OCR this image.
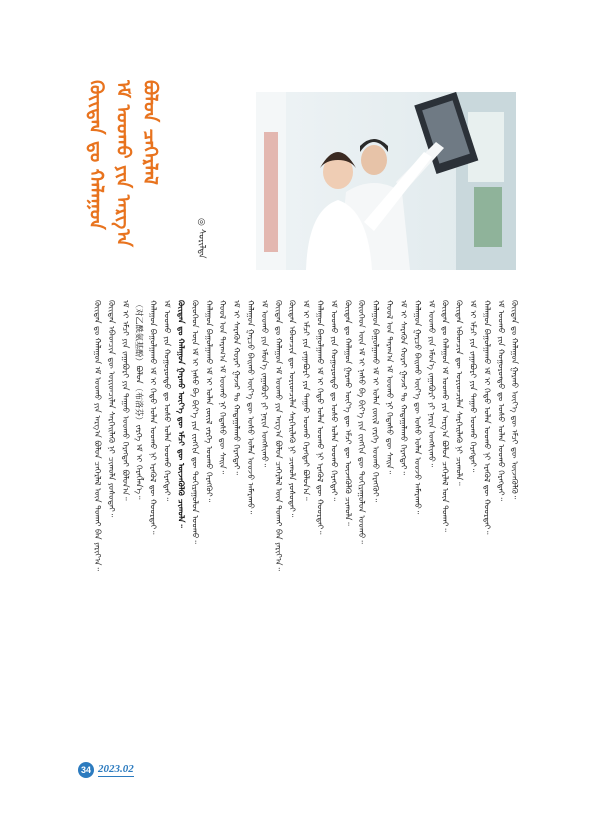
ᠬᠦᠢᠲᠡᠨ ᠳᠤ ᠬᠠᠯᠠᠭᠤᠨ ᠡᠮ ᠤᠤᠬᠤ ᠶᠢᠨ ᠠᠷᠭ᠎ᠠ ᠪᠣᠯᠣᠨ ᠴᠡᠭᠡᠷᠯᠡᠯ
◎ ᠰᠣᠷᠢᠯᠲᠠ
ᠬᠦᠢᠲᠡᠨ ᠳᠤ ᠬᠠᠯᠠᠭᠤᠨ ᠡᠮ ᠤᠤᠬᠤ ᠶᠢᠨ ᠠᠷᠭ᠎ᠠ ᠪᠣᠯᠣᠨ ᠴᠡᠭᠡᠷᠯᠡᠯ ᠦᠨ ᠲᠤᠬᠠᠢ ᠪᠠᠨ ᠶᠠᠷᠢᠶ᠎ᠠ᠃ ᠬᠦᠢᠲᠡᠨ ᠡᠪᠡᠳᠴᠢᠨ ᠳᠦ ᠤᠷᠢᠳᠴᠢᠯᠠᠨ ᠰᠡᠷᠭᠡᠢᠯᠡᠬᠦ ᠨᠢ ᠴᠢᠬᠤᠯᠠ ᠶᠣᠰᠣᠲᠠᠢ᠃ ᠡᠮ ᠢ ᠡᠮᠴᠢ ᠶᠢᠨ ᠵᠠᠭᠠᠪᠤᠷᠢ ᠶᠢᠨ ᠳᠠᠭᠠᠤ ᠤᠤᠬᠤ ᠬᠡᠷᠡᠭᠲᠡᠢ ᠪᠣᠯᠤᠨ᠎ᠠ᠃ （对乙酰氨基酚）ᠪᠣᠯᠤᠨ（布洛芬）ᠵᠡᠷᠭᠡ ᠡᠮ ᠢ ᠬᠡᠷᠡᠭᠯᠡᠨ᠎ᠡ᠃ ᠬᠠᠯᠠᠭᠤᠨ ᠪᠠᠭᠤᠯᠭᠠᠬᠤ ᠡᠮ ᠢ ᠬᠡᠲᠦ ᠣᠯᠠᠨ ᠤᠤᠬᠤ ᠨᠢ ᠡᠷᠡᠭᠦᠯ ᠳᠦ ᠬᠣᠣᠷᠲᠠᠢ᠃ ᠡᠮ ᠤᠤᠬᠤ ᠶᠢᠨ ᠬᠣᠭᠣᠷᠣᠨᠳᠣ ᠳᠤ ᠤᠰᠤ ᠣᠯᠠᠨ ᠤᠤᠬᠤ ᠬᠡᠷᠡᠭᠲᠡᠢ᠃ ᠬᠦᠢᠲᠡᠨ ᠳᠤ ᠬᠠᠯᠠᠭᠤᠨ ᠭᠠᠷᠬᠤ ᠦᠶ᠎ᠡ ᠳᠦ ᠡᠮᠴᠢ ᠳᠦ ᠦᠵᠡᠭᠦᠯᠬᠦ ᠴᠢᠬᠤᠯᠠ᠃ ᠬᠦᠦᠬᠡᠳ ᠦᠨ ᠡᠮ ᠢ ᠨᠠᠰᠤ ᠪᠠ ᠪᠢᠶ᠎ᠡ ᠶᠢᠨ ᠵᠢᠩᠬᠢᠨ ᠳᠦ ᠲᠣᠬᠢᠷᠠᠭᠤᠯᠤᠨ ᠤᠤᠬᠤ᠃ ᠬᠠᠯᠠᠭᠤᠨ ᠪᠠᠭᠤᠯᠭᠠᠬᠤ ᠡᠮ ᠢ ᠣᠯᠠᠨ ᠵᠦᠢᠯ ᠵᠡᠷᠭᠡ ᠤᠤᠬᠤ ᠬᠡᠷᠡᠭᠭᠦᠢ᠃ ᠬᠣᠣᠯ ᠤᠨ ᠳᠠᠷᠠᠭ᠎ᠠ ᠡᠮ ᠤᠤᠬᠤ ᠨᠢ ᠭᠡᠳᠡᠰᠦ ᠳᠦ ᠰᠠᠢᠨ᠃ ᠡᠮ ᠢ ᠰᠡᠷᠡᠭᠦᠨ ᠬᠤᠷᠠᠢ ᠭᠠᠵᠠᠷ ᠲᠤ ᠬᠠᠳᠠᠭᠠᠯᠠᠬᠤ ᠬᠡᠷᠡᠭᠲᠡᠢ᠃ ᠬᠠᠯᠠᠭᠤᠨ ᠭᠠᠷᠴᠤ ᠪᠠᠢᠬᠤ ᠦᠶ᠎ᠡ ᠳᠦ ᠤᠰᠤ ᠣᠯᠠᠨ ᠤᠤᠵᠤ ᠠᠮᠠᠷᠠᠬᠤ᠃ ᠡᠮ ᠤᠤᠬᠤ ᠶᠢᠨ ᠡᠮᠦᠨ᠎ᠡ ᠵᠠᠭᠠᠪᠤᠷᠢ ᠶᠢ ᠨᠠᠷᠢᠨ ᠤᠩᠰᠢᠬᠤ᠃ ᠬᠦᠢᠲᠡᠨ ᠳᠤ ᠬᠠᠯᠠᠭᠤᠨ ᠡᠮ ᠤᠤᠬᠤ ᠶᠢᠨ ᠠᠷᠭ᠎ᠠ ᠪᠣᠯᠣᠨ ᠴᠡᠭᠡᠷᠯᠡᠯ ᠦᠨ ᠲᠤᠬᠠᠢ ᠪᠠᠨ ᠶᠠᠷᠢᠶ᠎ᠠ᠃ ᠬᠦᠢᠲᠡᠨ ᠡᠪᠡᠳᠴᠢᠨ ᠳᠦ ᠤᠷᠢᠳᠴᠢᠯᠠᠨ ᠰᠡᠷᠭᠡᠢᠯᠡᠬᠦ ᠨᠢ ᠴᠢᠬᠤᠯᠠ ᠶᠣᠰᠣᠲᠠᠢ᠃ ᠡᠮ ᠢ ᠡᠮᠴᠢ ᠶᠢᠨ ᠵᠠᠭᠠᠪᠤᠷᠢ ᠶᠢᠨ ᠳᠠᠭᠠᠤ ᠤᠤᠬᠤ ᠬᠡᠷᠡᠭᠲᠡᠢ ᠪᠣᠯᠤᠨ᠎ᠠ᠃ ᠬᠠᠯᠠᠭᠤᠨ ᠪᠠᠭᠤᠯᠭᠠᠬᠤ ᠡᠮ ᠢ ᠬᠡᠲᠦ ᠣᠯᠠᠨ ᠤᠤᠬᠤ ᠨᠢ ᠡᠷᠡᠭᠦᠯ ᠳᠦ ᠬᠣᠣᠷᠲᠠᠢ᠃ ᠡᠮ ᠤᠤᠬᠤ ᠶᠢᠨ ᠬᠣᠭᠣᠷᠣᠨᠳᠣ ᠳᠤ ᠤᠰᠤ ᠣᠯᠠᠨ ᠤᠤᠬᠤ ᠬᠡᠷᠡᠭᠲᠡᠢ᠃ ᠬᠦᠢᠲᠡᠨ ᠳᠤ ᠬᠠᠯᠠᠭᠤᠨ ᠭᠠᠷᠬᠤ ᠦᠶ᠎ᠡ ᠳᠦ ᠡᠮᠴᠢ ᠳᠦ ᠦᠵᠡᠭᠦᠯᠬᠦ ᠴᠢᠬᠤᠯᠠ᠃ ᠬᠦᠦᠬᠡᠳ ᠦᠨ ᠡᠮ ᠢ ᠨᠠᠰᠤ ᠪᠠ ᠪᠢᠶ᠎ᠡ ᠶᠢᠨ ᠵᠢᠩᠬᠢᠨ ᠳᠦ ᠲᠣᠬᠢᠷᠠᠭᠤᠯᠤᠨ ᠤᠤᠬᠤ᠃ ᠬᠠᠯᠠᠭᠤᠨ ᠪᠠᠭᠤᠯᠭᠠᠬᠤ ᠡᠮ ᠢ ᠣᠯᠠᠨ ᠵᠦᠢᠯ ᠵᠡᠷᠭᠡ ᠤᠤᠬᠤ ᠬᠡᠷᠡᠭᠭᠦᠢ᠃ ᠬᠣᠣᠯ ᠤᠨ ᠳᠠᠷᠠᠭ᠎ᠠ ᠡᠮ ᠤᠤᠬᠤ ᠨᠢ ᠭᠡᠳᠡᠰᠦ ᠳᠦ ᠰᠠᠢᠨ᠃ ᠡᠮ ᠢ ᠰᠡᠷᠡᠭᠦᠨ ᠬᠤᠷᠠᠢ ᠭᠠᠵᠠᠷ ᠲᠤ ᠬᠠᠳᠠᠭᠠᠯᠠᠬᠤ ᠬᠡᠷᠡᠭᠲᠡᠢ᠃ ᠬᠠᠯᠠᠭᠤᠨ ᠭᠠᠷᠴᠤ ᠪᠠᠢᠬᠤ ᠦᠶ᠎ᠡ ᠳᠦ ᠤᠰᠤ ᠣᠯᠠᠨ ᠤᠤᠵᠤ ᠠᠮᠠᠷᠠᠬᠤ᠃ ᠡᠮ ᠤᠤᠬᠤ ᠶᠢᠨ ᠡᠮᠦᠨ᠎ᠡ ᠵᠠᠭᠠᠪᠤᠷᠢ ᠶᠢ ᠨᠠᠷᠢᠨ ᠤᠩᠰᠢᠬᠤ᠃ ᠬᠦᠢᠲᠡᠨ ᠳᠤ ᠬᠠᠯᠠᠭᠤᠨ ᠡᠮ ᠤᠤᠬᠤ ᠶᠢᠨ ᠠᠷᠭ᠎ᠠ ᠪᠣᠯᠣᠨ ᠴᠡᠭᠡᠷᠯᠡᠯ ᠦᠨ ᠲᠤᠬᠠᠢ᠃ ᠬᠦᠢᠲᠡᠨ ᠡᠪᠡᠳᠴᠢᠨ ᠳᠦ ᠤᠷᠢᠳᠴᠢᠯᠠᠨ ᠰᠡᠷᠭᠡᠢᠯᠡᠬᠦ ᠨᠢ ᠴᠢᠬᠤᠯᠠ᠃ ᠡᠮ ᠢ ᠡᠮᠴᠢ ᠶᠢᠨ ᠵᠠᠭᠠᠪᠤᠷᠢ ᠶᠢᠨ ᠳᠠᠭᠠᠤ ᠤᠤᠬᠤ ᠬᠡᠷᠡᠭᠲᠡᠢ᠃ ᠬᠠᠯᠠᠭᠤᠨ ᠪᠠᠭᠤᠯᠭᠠᠬᠤ ᠡᠮ ᠢ ᠬᠡᠲᠦ ᠣᠯᠠᠨ ᠤᠤᠬᠤ ᠨᠢ ᠡᠷᠡᠭᠦᠯ ᠳᠦ ᠬᠣᠣᠷᠲᠠᠢ᠃ ᠡᠮ ᠤᠤᠬᠤ ᠶᠢᠨ ᠬᠣᠭᠣᠷᠣᠨᠳᠣ ᠳᠤ ᠤᠰᠤ ᠣᠯᠠᠨ ᠤᠤᠬᠤ ᠬᠡᠷᠡᠭᠲᠡᠢ᠃ ᠬᠦᠢᠲᠡᠨ ᠳᠤ ᠬᠠᠯᠠᠭᠤᠨ ᠭᠠᠷᠬᠤ ᠦᠶ᠎ᠡ ᠳᠦ ᠡᠮᠴᠢ ᠳᠦ ᠦᠵᠡᠭᠦᠯᠬᠦ᠃
34 2023.02
